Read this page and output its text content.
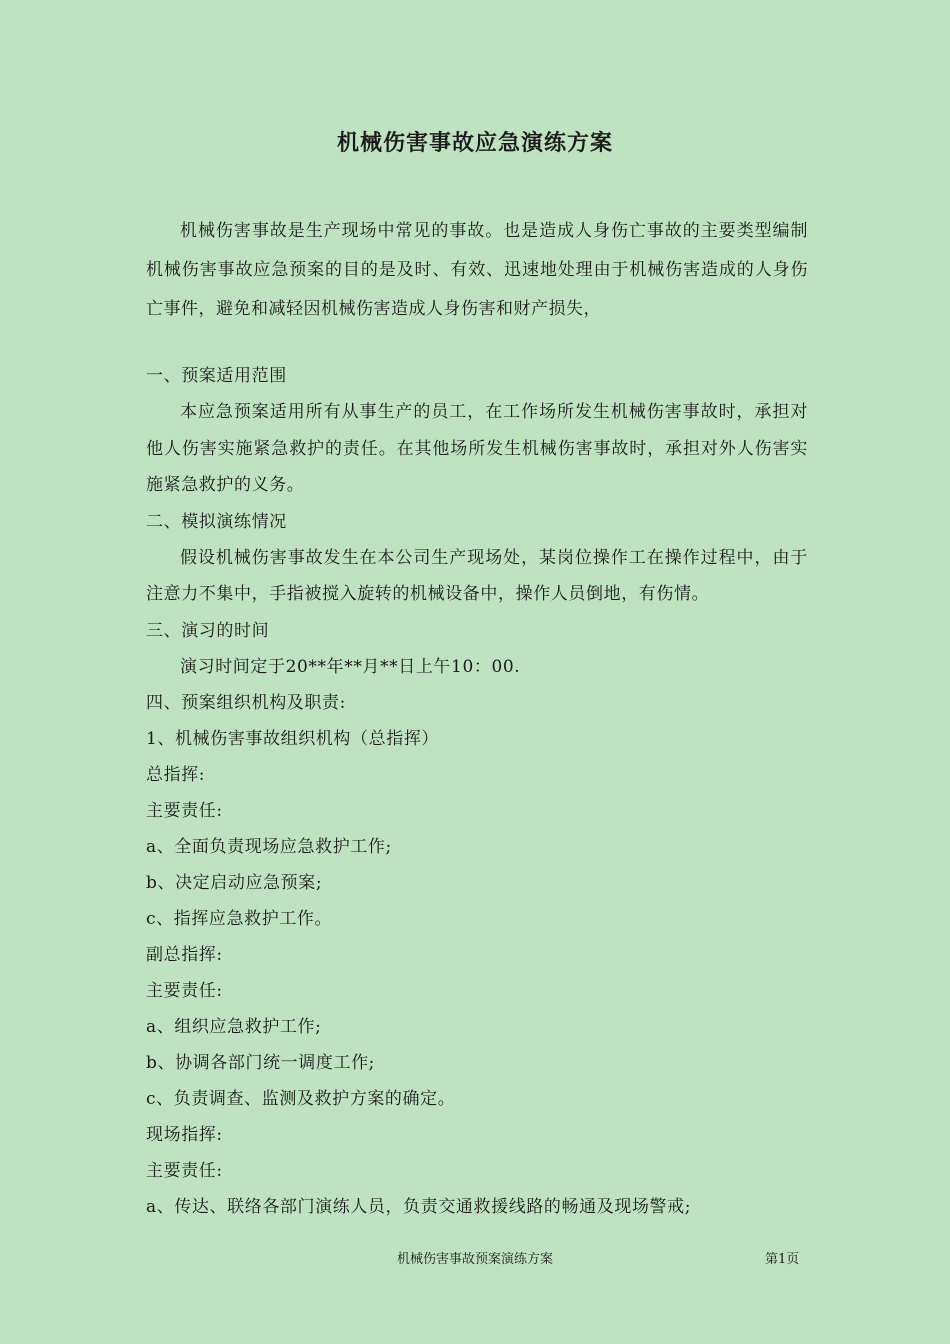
机械伤害事故应急演练方案
机械伤害事故是生产现场中常见的事故。也是造成人身伤亡事故的主要类型编制机械伤害事故应急预案的目的是及时、有效、迅速地处理由于机械伤害造成的人身伤亡事件，避免和减轻因机械伤害造成人身伤害和财产损失，
一、预案适用范围
本应急预案适用所有从事生产的员工，在工作场所发生机械伤害事故时，承担对他人伤害实施紧急救护的责任。在其他场所发生机械伤害事故时，承担对外人伤害实施紧急救护的义务。
二、模拟演练情况
假设机械伤害事故发生在本公司生产现场处，某岗位操作工在操作过程中，由于注意力不集中，手指被搅入旋转的机械设备中，操作人员倒地，有伤情。
三、演习的时间
演习时间定于20**年**月**日上午10：00.
四、预案组织机构及职责:
1、机械伤害事故组织机构（总指挥）
总指挥:
主要责任:
a、全面负责现场应急救护工作;
b、决定启动应急预案;
c、指挥应急救护工作。
副总指挥:
主要责任:
a、组织应急救护工作;
b、协调各部门统一调度工作;
c、负责调查、监测及救护方案的确定。
现场指挥:
主要责任:
a、传达、联络各部门演练人员，负责交通救援线路的畅通及现场警戒;
机械伤害事故预案演练方案	第1页
